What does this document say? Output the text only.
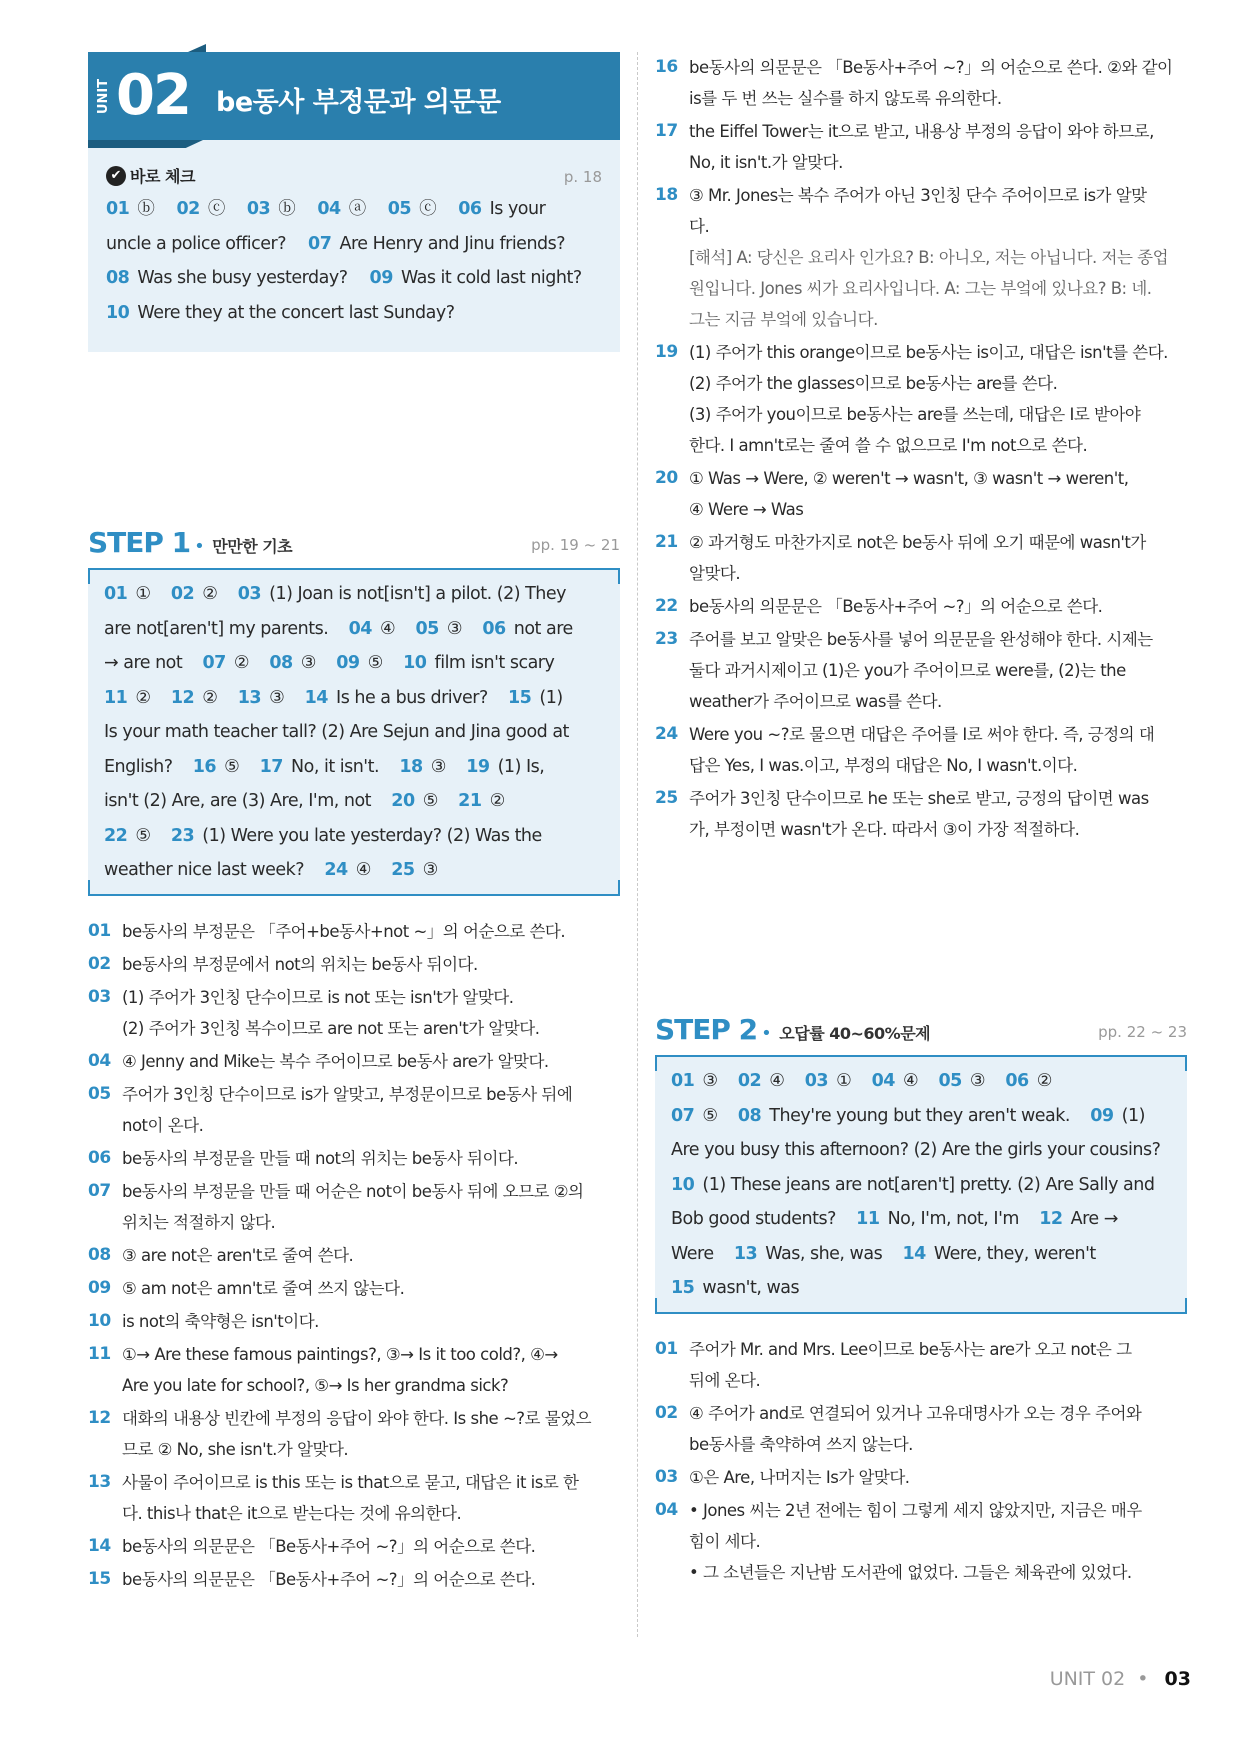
UNIT 02 be동사 부정문과 의문문
✔ 바로 체크	p. 18
01 ⓑ 02 ⓒ 03 ⓑ 04 ⓐ 05 ⓒ 06 Is your
uncle a police officer? 07 Are Henry and Jinu friends?
08 Was she busy yesterday? 09 Was it cold last night?
10 Were they at the concert last Sunday?
STEP 1 • 만만한 기초	pp. 19 ~ 21
01 ①    02 ②    03 (1) Joan is not[isn't] a pilot. (2) They
are not[aren't] my parents.    04 ④    05 ③    06 not are
→ are not    07 ②    08 ③    09 ⑤    10 film isn't scary
11 ②    12 ②    13 ③    14 Is he a bus driver?    15 (1)
Is your math teacher tall? (2) Are Sejun and Jina good at
English?    16 ⑤    17 No, it isn't.    18 ③    19 (1) Is,
isn't (2) Are, are (3) Are, I'm, not    20 ⑤    21 ②
22 ⑤    23 (1) Were you late yesterday? (2) Was the
weather nice last week?    24 ④    25 ③
01 be동사의 부정문은 「주어+be동사+not ~」의 어순으로 쓴다.

02 be동사의 부정문에서 not의 위치는 be동사 뒤이다.

03 (1) 주어가 3인칭 단수이므로 is not 또는 isn't가 알맞다.

(2) 주어가 3인칭 복수이므로 are not 또는 aren't가 알맞다.

04 ④ Jenny and Mike는 복수 주어이므로 be동사 are가 알맞다.

05 주어가 3인칭 단수이므로 is가 알맞고, 부정문이므로 be동사 뒤에

not이 온다.

06 be동사의 부정문을 만들 때 not의 위치는 be동사 뒤이다.

07 be동사의 부정문을 만들 때 어순은 not이 be동사 뒤에 오므로 ②의

위치는 적절하지 않다.

08 ③ are not은 aren't로 줄여 쓴다.

09 ⑤ am not은 amn't로 줄여 쓰지 않는다.

10 is not의 축약형은 isn't이다.

11 ①→ Are these famous paintings?, ③→ Is it too cold?, ④→

Are you late for school?, ⑤→ Is her grandma sick?

12 대화의 내용상 빈칸에 부정의 응답이 와야 한다. Is she ~?로 물었으

므로 ② No, she isn't.가 알맞다.

13 사물이 주어이므로 is this 또는 is that으로 묻고, 대답은 it is로 한

다. this나 that은 it으로 받는다는 것에 유의한다.

14 be동사의 의문문은 「Be동사+주어 ~?」의 어순으로 쓴다.

15 be동사의 의문문은 「Be동사+주어 ~?」의 어순으로 쓴다.

16 be동사의 의문문은 「Be동사+주어 ~?」의 어순으로 쓴다. ②와 같이

is를 두 번 쓰는 실수를 하지 않도록 유의한다.

17 the Eiffel Tower는 it으로 받고, 내용상 부정의 응답이 와야 하므로,

No, it isn't.가 알맞다.

18 ③ Mr. Jones는 복수 주어가 아닌 3인칭 단수 주어이므로 is가 알맞

다.

[해석] A: 당신은 요리사 인가요? B: 아니오, 저는 아닙니다. 저는 종업

원입니다. Jones 씨가 요리사입니다. A: 그는 부엌에 있나요? B: 네.

그는 지금 부엌에 있습니다.

19 (1) 주어가 this orange이므로 be동사는 is이고, 대답은 isn't를 쓴다.

(2) 주어가 the glasses이므로 be동사는 are를 쓴다.

(3) 주어가 you이므로 be동사는 are를 쓰는데, 대답은 I로 받아야

한다. I amn't로는 줄여 쓸 수 없으므로 I'm not으로 쓴다.

20 ① Was → Were, ② weren't → wasn't, ③ wasn't → weren't,

④ Were → Was

21 ② 과거형도 마찬가지로 not은 be동사 뒤에 오기 때문에 wasn't가

알맞다.

22 be동사의 의문문은 「Be동사+주어 ~?」의 어순으로 쓴다.

23 주어를 보고 알맞은 be동사를 넣어 의문문을 완성해야 한다. 시제는

둘다 과거시제이고 (1)은 you가 주어이므로 were를, (2)는 the

weather가 주어이므로 was를 쓴다.

24 Were you ~?로 물으면 대답은 주어를 I로 써야 한다. 즉, 긍정의 대

답은 Yes, I was.이고, 부정의 대답은 No, I wasn't.이다.

25 주어가 3인칭 단수이므로 he 또는 she로 받고, 긍정의 답이면 was

가, 부정이면 wasn't가 온다. 따라서 ③이 가장 적절하다.

STEP 2 • 오답률 40~60%문제	pp. 22 ~ 23
01 ③    02 ④    03 ①    04 ④    05 ③    06 ②
07 ⑤    08 They're young but they aren't weak.    09 (1)
Are you busy this afternoon? (2) Are the girls your cousins?
10 (1) These jeans are not[aren't] pretty. (2) Are Sally and
Bob good students?    11 No, I'm, not, I'm    12 Are →
Were    13 Was, she, was    14 Were, they, weren't
15 wasn't, was
01 주어가 Mr. and Mrs. Lee이므로 be동사는 are가 오고 not은 그

뒤에 온다.

02 ④ 주어가 and로 연결되어 있거나 고유대명사가 오는 경우 주어와

be동사를 축약하여 쓰지 않는다.

03 ①은 Are, 나머지는 Is가 알맞다.

04 • Jones 씨는 2년 전에는 힘이 그렇게 세지 않았지만, 지금은 매우

힘이 세다.

• 그 소년들은 지난밤 도서관에 없었다. 그들은 체육관에 있었다.

UNIT 02 • 03
